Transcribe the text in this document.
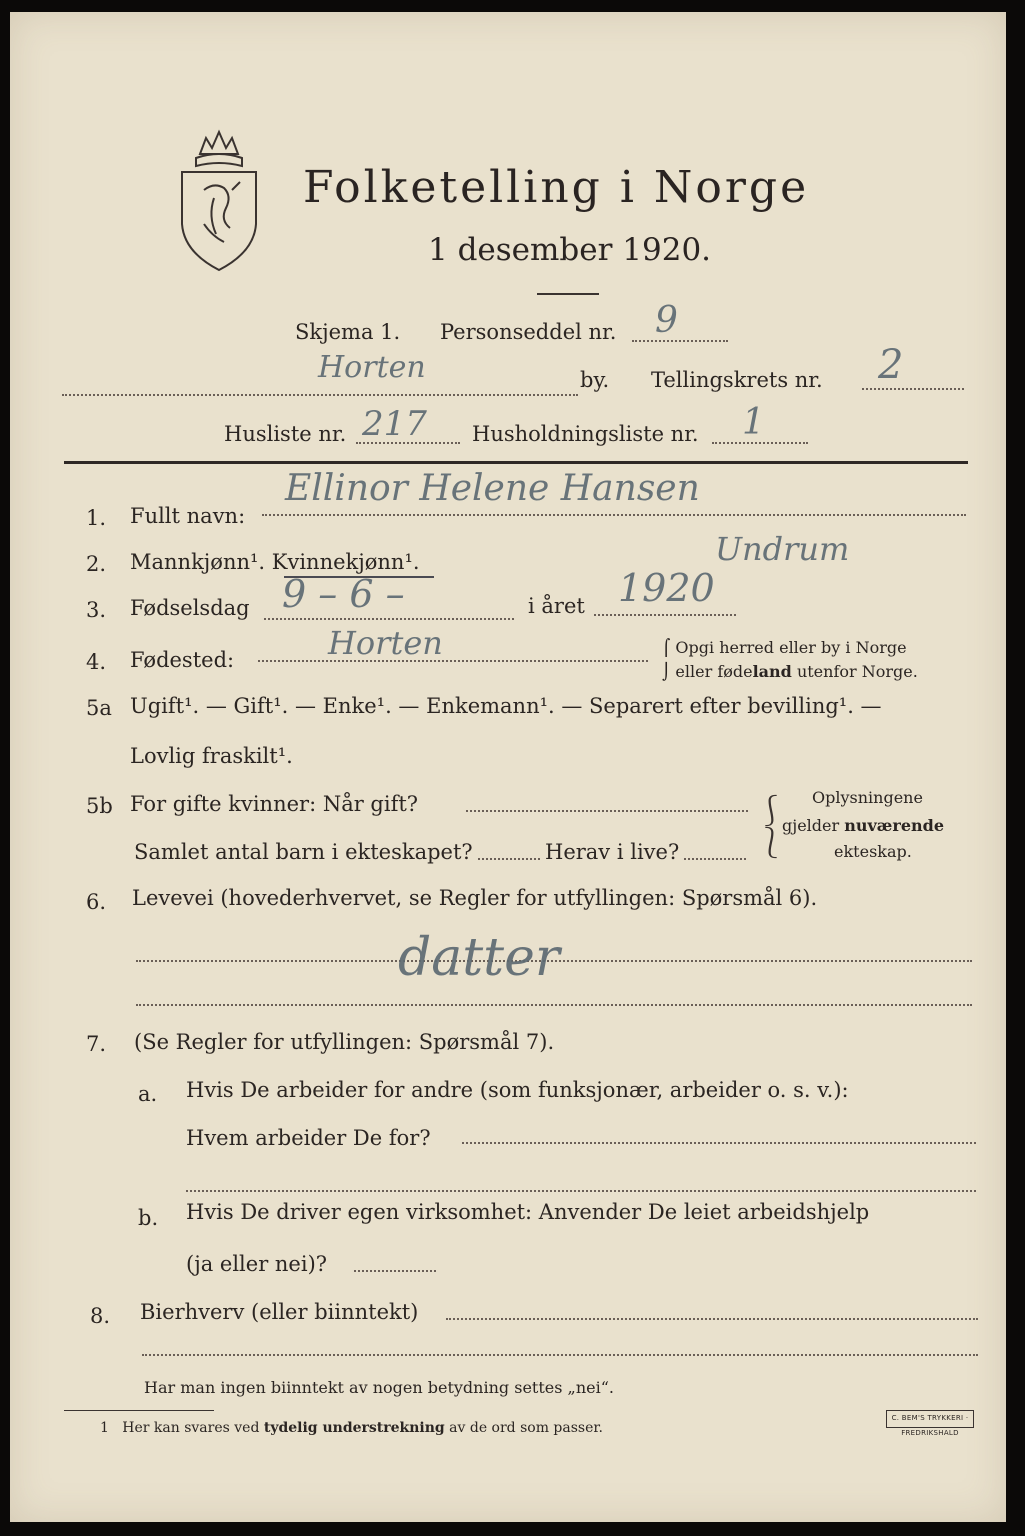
Folketelling i Norge
1 desember 1920.
Skjema 1. Personseddel nr. 9
Horten	by. Tellingskrets nr. 2
Husliste nr. 217 Husholdningsliste nr. 1
1. Fullt navn:
Ellinor Helene Hansen
Undrum
2. Mannkjønn¹. Kvinnekjønn¹.
3. Fødselsdag 9 – 6 –	i året 1920
4. Fødested:	Horten	⌠ Opgi herred eller by i Norge
⌡ eller fødeland utenfor Norge.
5a Ugift¹. — Gift¹. — Enke¹. — Enkemann¹. — Separert efter bevilling¹. —
Lovlig fraskilt¹.
5b For gifte kvinner: Når gift?
Samlet antal barn i ekteskapet?	Herav i live?
⎰
⎱
Oplysningene
gjelder nuværende
ekteskap.
6. Levevei (hovederhvervet, se Regler for utfyllingen: Spørsmål 6).
datter
7. (Se Regler for utfyllingen: Spørsmål 7).
a. Hvis De arbeider for andre (som funksjonær, arbeider o. s. v.):
Hvem arbeider De for?
b. Hvis De driver egen virksomhet: Anvender De leiet arbeidshjelp
(ja eller nei)?
8. Bierhverv (eller biinntekt)
Har man ingen biinntekt av nogen betydning settes „nei“.
1 Her kan svares ved tydelig understrekning av de ord som passer.
C. BEM'S TRYKKERI · FREDRIKSHALD
